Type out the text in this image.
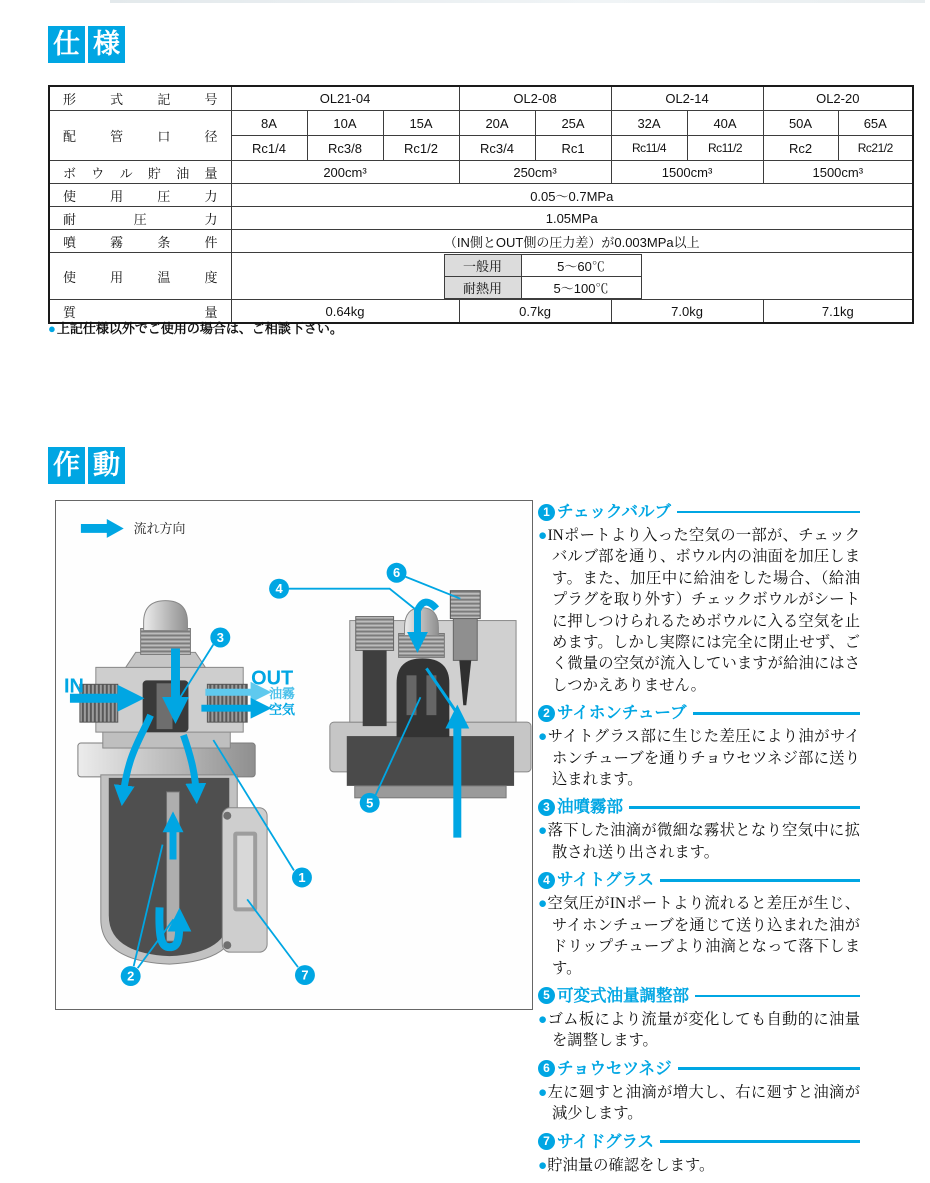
仕 様
形	式	記	号	OL21-04	OL2-08	OL2-14	OL2-20

配	管	口	径
	8A	10A	15A	20A	25A	32A	40A	50A	65A
Rc1/4	Rc3/8	Rc1/2	Rc3/4	Rc1	Rc11/4	Rc11/2	Rc2	Rc21/2

ボ ウ ル 貯 油 量	200cm³	250cm³	1500cm³	1500cm³

使	用	圧	力	0.05～0.7MPa

耐	圧	力	1.05MPa

噴	霧	条	件	（IN側とOUT側の圧力差）が0.003MPa以上

使	用	温	度

一般用	5～60℃
耐熱用	5～100℃

質	量	0.64kg	0.7kg	7.0kg	7.1kg
●上記仕様以外でご使用の場合は、ご相談下さい。
作 動
流れ方向
IN	OUT
油霧
空気
3
1
2	7
4
6
5
1 チェックバルブ
●INポートより入った空気の一部が、チェックバルブ部を通り、ボウル内の油面を加圧します。また、加圧中に給油をした場合、（給油プラグを取り外す）チェックボウルがシートに押しつけられるためボウルに入る空気を止めます。しかし実際には完全に閉止せず、ごく微量の空気が流入していますが給油にはさしつかえありません。
2 サイホンチューブ
●サイトグラス部に生じた差圧により油がサイホンチューブを通りチョウセツネジ部に送り込まれます。
3 油噴霧部
●落下した油滴が微細な霧状となり空気中に拡散され送り出されます。
4 サイトグラス
●空気圧がINポートより流れると差圧が生じ、サイホンチューブを通じて送り込まれた油がドリップチューブより油滴となって落下します。
5 可変式油量調整部
●ゴム板により流量が変化しても自動的に油量を調整します。
6 チョウセツネジ
●左に廻すと油滴が増大し、右に廻すと油滴が減少します。
7 サイドグラス
●貯油量の確認をします。
